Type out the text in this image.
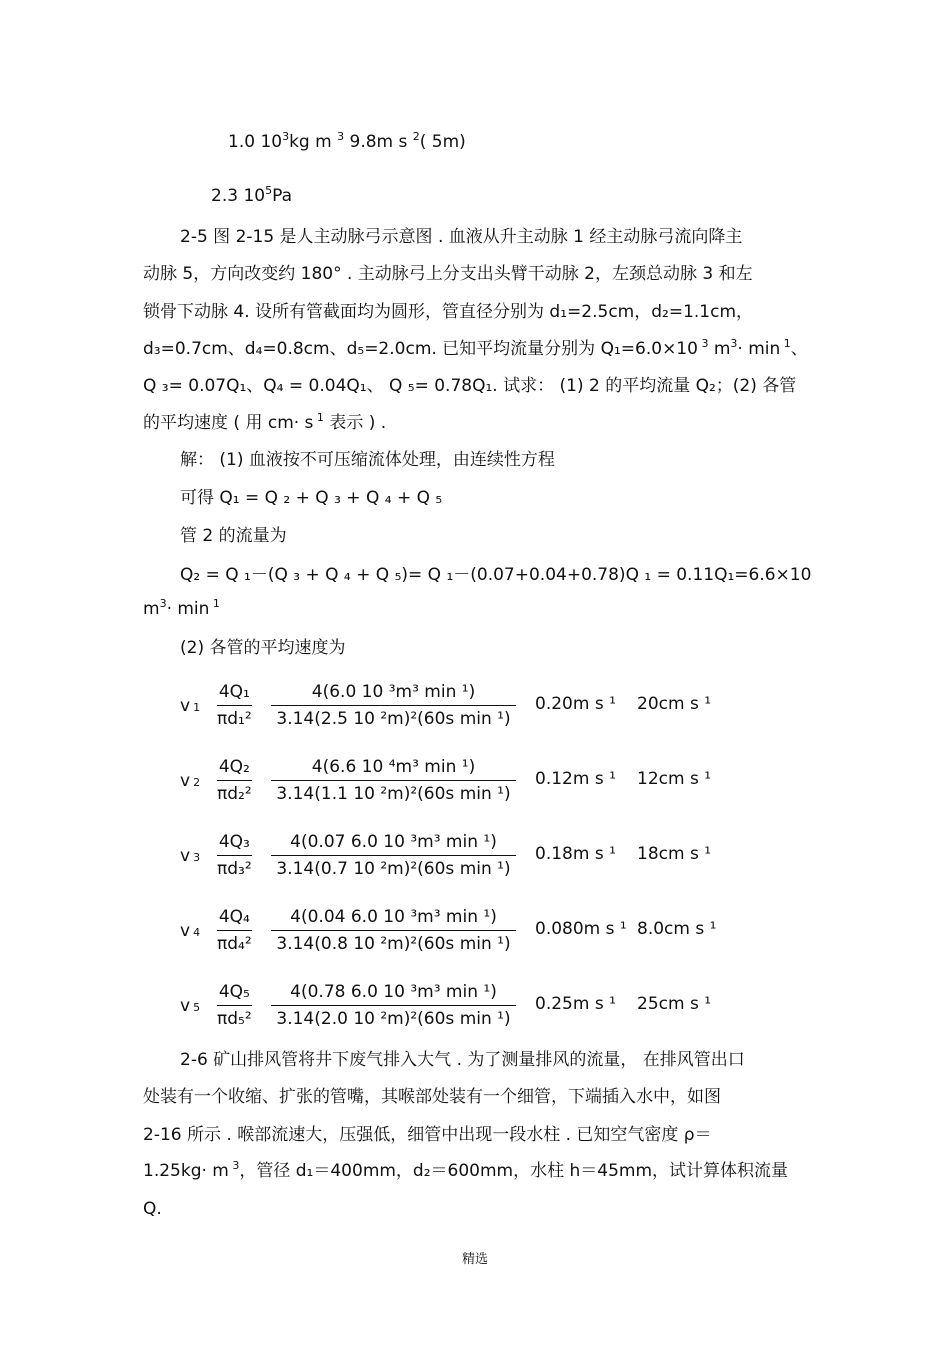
1.0 $10^3kg$ m $^3$ 9.8m s $^2$( 5m)
2.3 $10^5Pa$
2-5 图 2-15 是人主动脉弓示意图 . 血液从升主动脉 1 经主动脉弓流向降主
动脉 5，方向改变约 180° . 主动脉弓上分支出头臂干动脉 2，左颈总动脉 3 和左
锁骨下动脉 4. 设所有管截面均为圆形，管直径分别为 d₁=2.5cm，d₂=1.1cm，
d₃=0.7cm、d₄=0.8cm、d₅=2.0cm. 已知平均流量分别为 Q₁=6.0×10 $^3$ $m^3\cdot \min ^1$、
Q ₃= 0.07Q₁、Q₄ = 0.04Q₁、 Q ₅= 0.78Q₁. 试求： (1) 2 的平均流量 Q₂；(2) 各管
的平均速度 ( 用 cm· s $^1$ 表示 ) .
解： (1) 血液按不可压缩流体处理，由连续性方程
可得 Q₁ = Q ₂ + Q ₃ + Q ₄ + Q ₅
管 2 的流量为
Q₂ = Q ₁－(Q ₃ + Q ₄ + Q ₅)= Q ₁－(0.07+0.04+0.78)Q ₁ = 0.11Q₁=6.6×10
$m^3\cdot \min ^1$
(2) 各管的平均速度为
v 1
4Q₁
πd₁²
4(6.0 10 ³m³ min ¹)
3.14(2.5 10 ²m)²(60s min ¹)
0.20m s ¹ 20cm s ¹
v 2
4Q₂
πd₂²
4(6.6 10 ⁴m³ min ¹)
3.14(1.1 10 ²m)²(60s min ¹)
0.12m s ¹ 12cm s ¹
v 3
4Q₃
πd₃²
4(0.07 6.0 10 ³m³ min ¹)
3.14(0.7 10 ²m)²(60s min ¹)
0.18m s ¹ 18cm s ¹
v 4
4Q₄
πd₄²
4(0.04 6.0 10 ³m³ min ¹)
3.14(0.8 10 ²m)²(60s min ¹)
0.080m s ¹ 8.0cm s ¹
v 5
4Q₅
πd₅²
4(0.78 6.0 10 ³m³ min ¹)
3.14(2.0 10 ²m)²(60s min ¹)
0.25m s ¹ 25cm s ¹
2-6 矿山排风管将井下废气排入大气 . 为了测量排风的流量， 在排风管出口
处装有一个收缩、扩张的管嘴，其喉部处装有一个细管，下端插入水中，如图
2-16 所示 . 喉部流速大，压强低，细管中出现一段水柱 . 已知空气密度 ρ＝
1.25kg· m $^3$，管径 d₁＝400mm，d₂＝600mm，水柱 h＝45mm，试计算体积流量
Q.
精选
